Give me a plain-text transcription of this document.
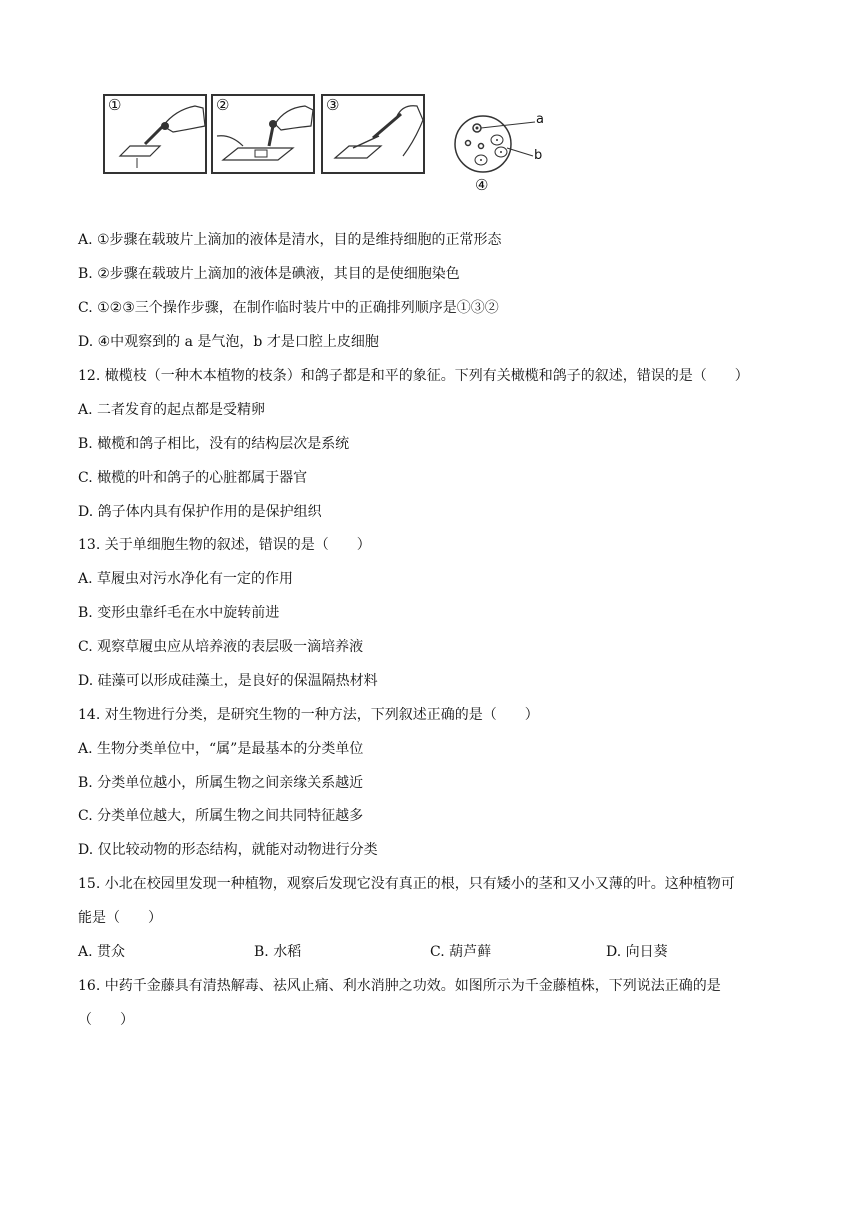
①	②	③
a
b
④
A. ①步骤在载玻片上滴加的液体是清水，目的是维持细胞的正常形态
B. ②步骤在载玻片上滴加的液体是碘液，其目的是使细胞染色
C. ①②③三个操作步骤，在制作临时装片中的正确排列顺序是①③②
D. ④中观察到的 a 是气泡，b 才是口腔上皮细胞
12. 橄榄枝（一种木本植物的枝条）和鸽子都是和平的象征。下列有关橄榄和鸽子的叙述，错误的是（　　）
A. 二者发育的起点都是受精卵
B. 橄榄和鸽子相比，没有的结构层次是系统
C. 橄榄的叶和鸽子的心脏都属于器官
D. 鸽子体内具有保护作用的是保护组织
13. 关于单细胞生物的叙述，错误的是（　　）
A. 草履虫对污水净化有一定的作用
B. 变形虫靠纤毛在水中旋转前进
C. 观察草履虫应从培养液的表层吸一滴培养液
D. 硅藻可以形成硅藻土，是良好的保温隔热材料
14. 对生物进行分类，是研究生物的一种方法，下列叙述正确的是（　　）
A. 生物分类单位中，“属”是最基本的分类单位
B. 分类单位越小，所属生物之间亲缘关系越近
C. 分类单位越大，所属生物之间共同特征越多
D. 仅比较动物的形态结构，就能对动物进行分类
15. 小北在校园里发现一种植物，观察后发现它没有真正的根，只有矮小的茎和又小又薄的叶。这种植物可
能是（　　）
A. 贯众	B. 水稻	C. 葫芦藓	D. 向日葵
16. 中药千金藤具有清热解毒、祛风止痛、利水消肿之功效。如图所示为千金藤植株，下列说法正确的是
（　　）
